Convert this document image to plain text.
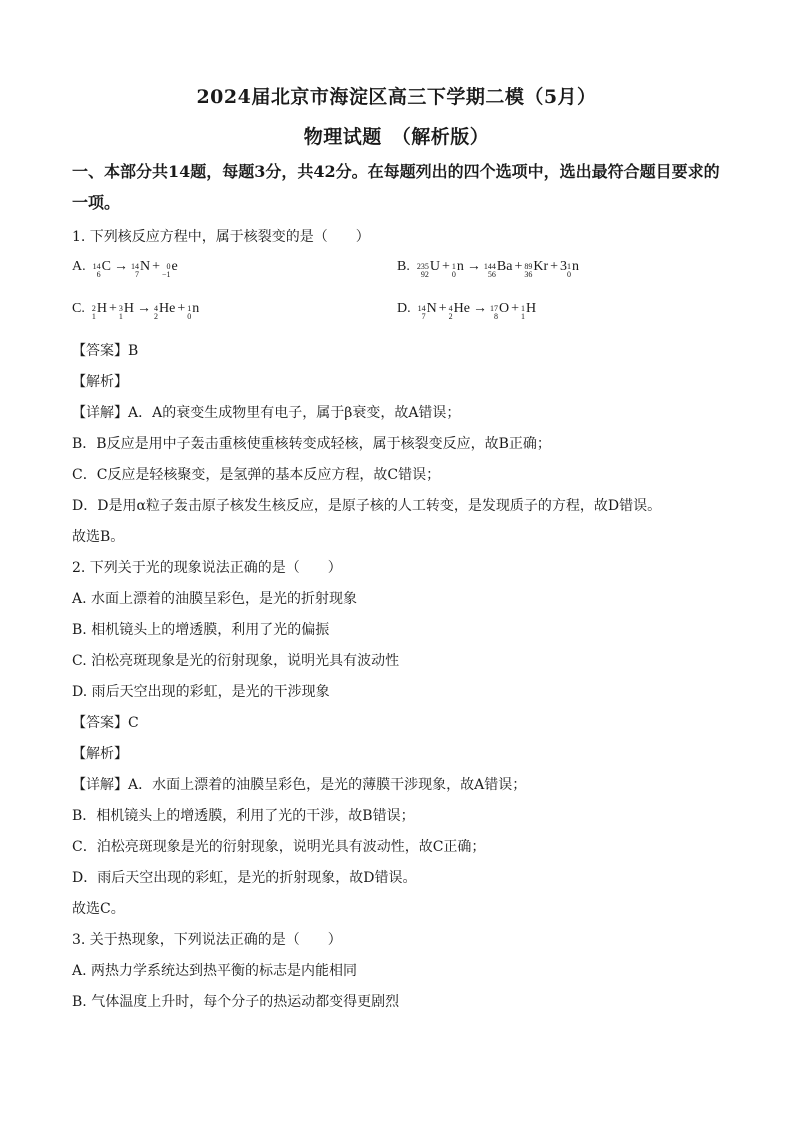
2024届北京市海淀区高三下学期二模（5月）
物理试题　（解析版）
一、本部分共14题，每题3分，共42分。在每题列出的四个选项中，选出最符合题目要求的一项。
1. 下列核反应方程中，属于核裂变的是（　　）
A. 14
6
C → 14
7
N + 0
−1
e	B. 235
92
U + 1
0
n → 144
56
Ba + 89
36
Kr + 3 1
0
n
C. 2
1
H + 3
1
H → 4
2
He + 1
0
n	D. 14
7
N + 4
2
He → 17
8
O + 1
1
H
【答案】B
【解析】
【详解】A．A的衰变生成物里有电子，属于β衰变，故A错误；
B．B反应是用中子轰击重核使重核转变成轻核，属于核裂变反应，故B正确；
C．C反应是轻核聚变，是氢弹的基本反应方程，故C错误；
D．D是用α粒子轰击原子核发生核反应，是原子核的人工转变，是发现质子的方程，故D错误。
故选B。
2. 下列关于光的现象说法正确的是（　　）
A. 水面上漂着的油膜呈彩色，是光的折射现象
B. 相机镜头上的增透膜，利用了光的偏振
C. 泊松亮斑现象是光的衍射现象，说明光具有波动性
D. 雨后天空出现的彩虹，是光的干涉现象
【答案】C
【解析】
【详解】A．水面上漂着的油膜呈彩色，是光的薄膜干涉现象，故A错误；
B．相机镜头上的增透膜，利用了光的干涉，故B错误；
C．泊松亮斑现象是光的衍射现象，说明光具有波动性，故C正确；
D．雨后天空出现的彩虹，是光的折射现象，故D错误。
故选C。
3. 关于热现象，下列说法正确的是（　　）
A. 两热力学系统达到热平衡的标志是内能相同
B. 气体温度上升时，每个分子的热运动都变得更剧烈
